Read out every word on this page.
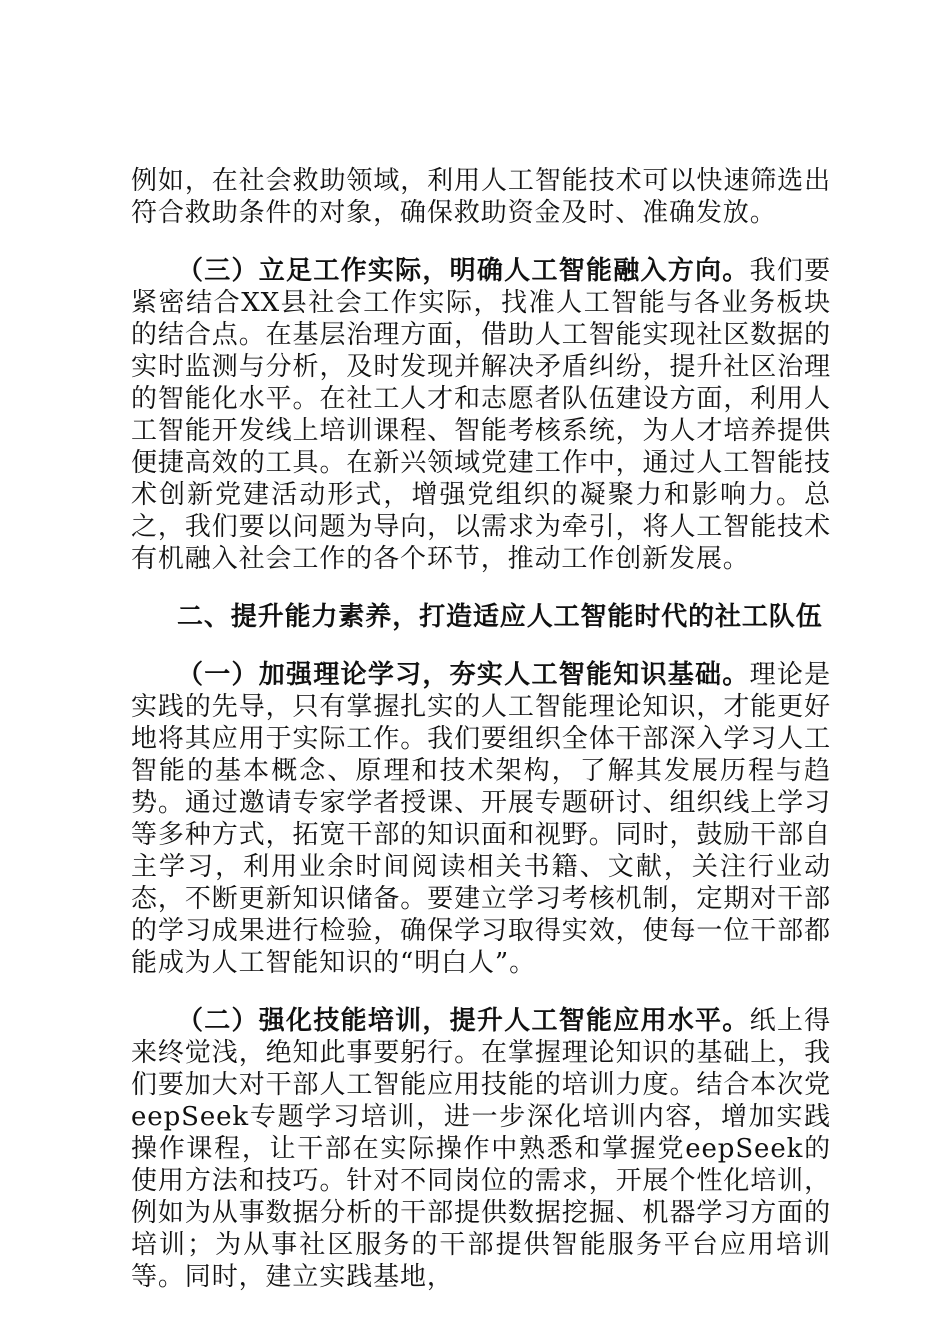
例如，在社会救助领域，利用人工智能技术可以快速筛选出符合救助条件的对象，确保救助资金及时、准确发放。

（三）立足工作实际，明确人工智能融入方向。我们要紧密结合XX县社会工作实际，找准人工智能与各业务板块的结合点。在基层治理方面，借助人工智能实现社区数据的实时监测与分析，及时发现并解决矛盾纠纷，提升社区治理的智能化水平。在社工人才和志愿者队伍建设方面，利用人工智能开发线上培训课程、智能考核系统，为人才培养提供便捷高效的工具。在新兴领域党建工作中，通过人工智能技术创新党建活动形式，增强党组织的凝聚力和影响力。总之，我们要以问题为导向，以需求为牵引，将人工智能技术有机融入社会工作的各个环节，推动工作创新发展。

二、提升能力素养，打造适应人工智能时代的社工队伍

（一）加强理论学习，夯实人工智能知识基础。理论是实践的先导，只有掌握扎实的人工智能理论知识，才能更好地将其应用于实际工作。我们要组织全体干部深入学习人工智能的基本概念、原理和技术架构，了解其发展历程与趋势。通过邀请专家学者授课、开展专题研讨、组织线上学习等多种方式，拓宽干部的知识面和视野。同时，鼓励干部自主学习，利用业余时间阅读相关书籍、文献，关注行业动态，不断更新知识储备。要建立学习考核机制，定期对干部的学习成果进行检验，确保学习取得实效，使每一位干部都能成为人工智能知识的“明白人”。

（二）强化技能培训，提升人工智能应用水平。纸上得来终觉浅，绝知此事要躬行。在掌握理论知识的基础上，我们要加大对干部人工智能应用技能的培训力度。结合本次党eepSeek专题学习培训，进一步深化培训内容，增加实践操作课程，让干部在实际操作中熟悉和掌握党eepSeek的使用方法和技巧。针对不同岗位的需求，开展个性化培训，例如为从事数据分析的干部提供数据挖掘、机器学习方面的培训；为从事社区服务的干部提供智能服务平台应用培训等。同时，建立实践基地，
